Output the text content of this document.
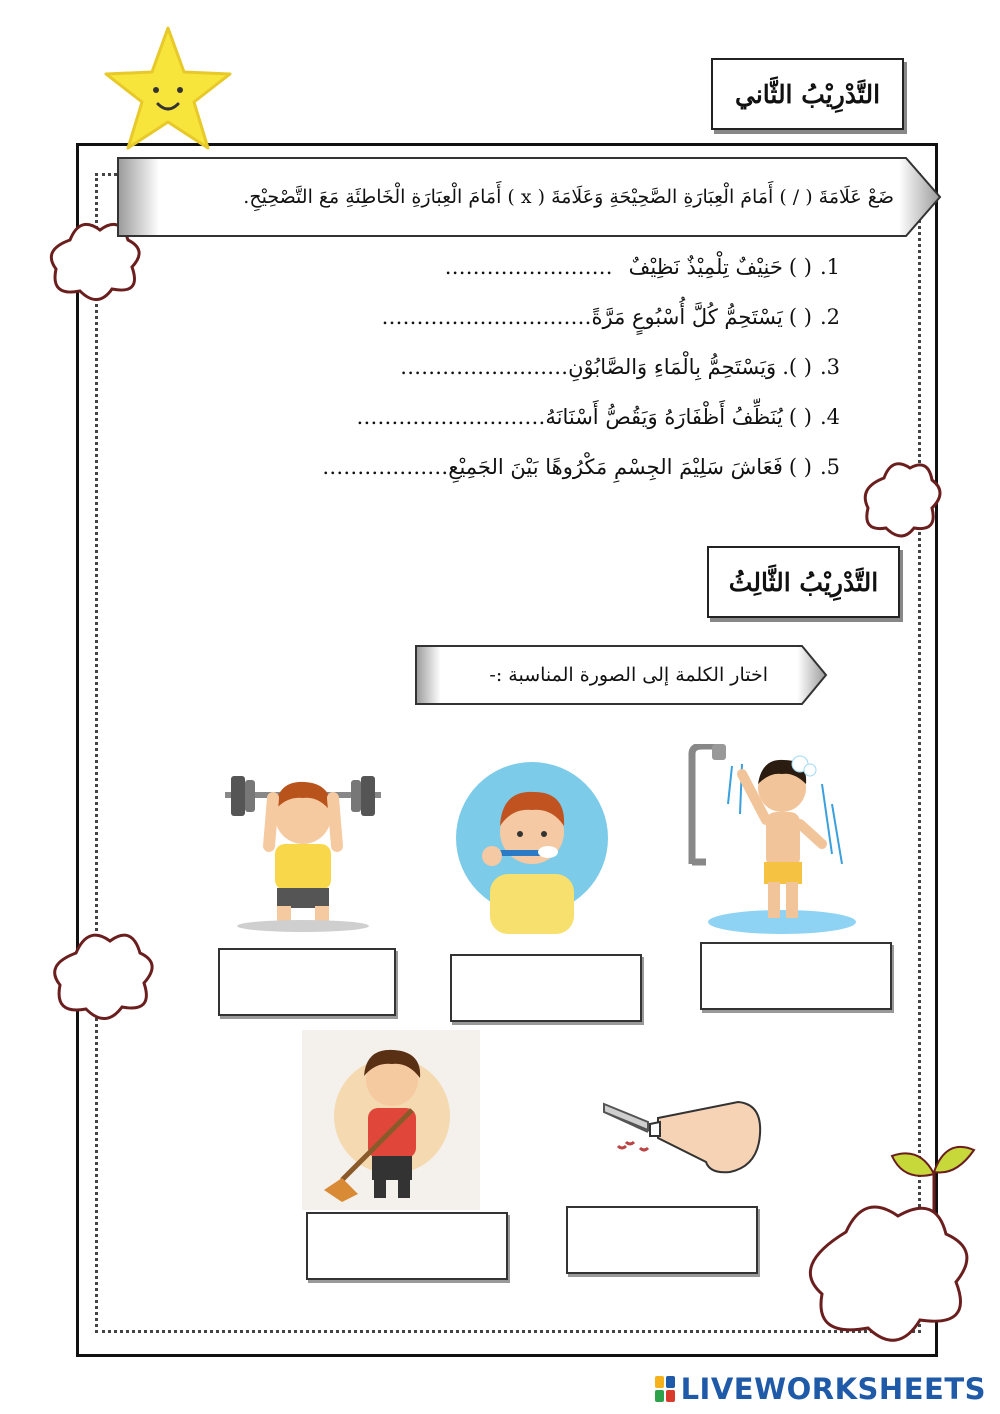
التَّدْرِيْبُ الثَّاني
ضَعْ عَلَامَةَ ( / ) أَمَامَ الْعِبَارَةِ الصَّحِيْحَةِ وَعَلَامَةَ ( x ) أَمَامَ الْعِبَارَةِ الْخَاطِئَةِ مَعَ التَّصْحِيْحِ.
1.
( )
حَنِيْفٌ تِلْمِيْذٌ نَظِيْفٌ
……………………
2.
( )
يَسْتَحِمُّ كُلَّ أُسْبُوعٍ مَرَّةً
…………………………
3.
( ).
وَيَسْتَحِمُّ بِالْمَاءِ وَالصَّابُوْنِ
……………………
4.
( )
يُنَظِّفُ أَظْفَارَهُ وَيَقُصُّ أَسْنَانَهُ
………………………
5.
( )
فَعَاشَ سَلِيْمَ الجِسْمِ مَكْرُوهًا بَيْنَ الجَمِيْعِ
………………
التَّدْرِيْبُ الثَّالِثُ
اختار الكلمة إلى الصورة المناسبة :-
LIVEWORKSHEETS
